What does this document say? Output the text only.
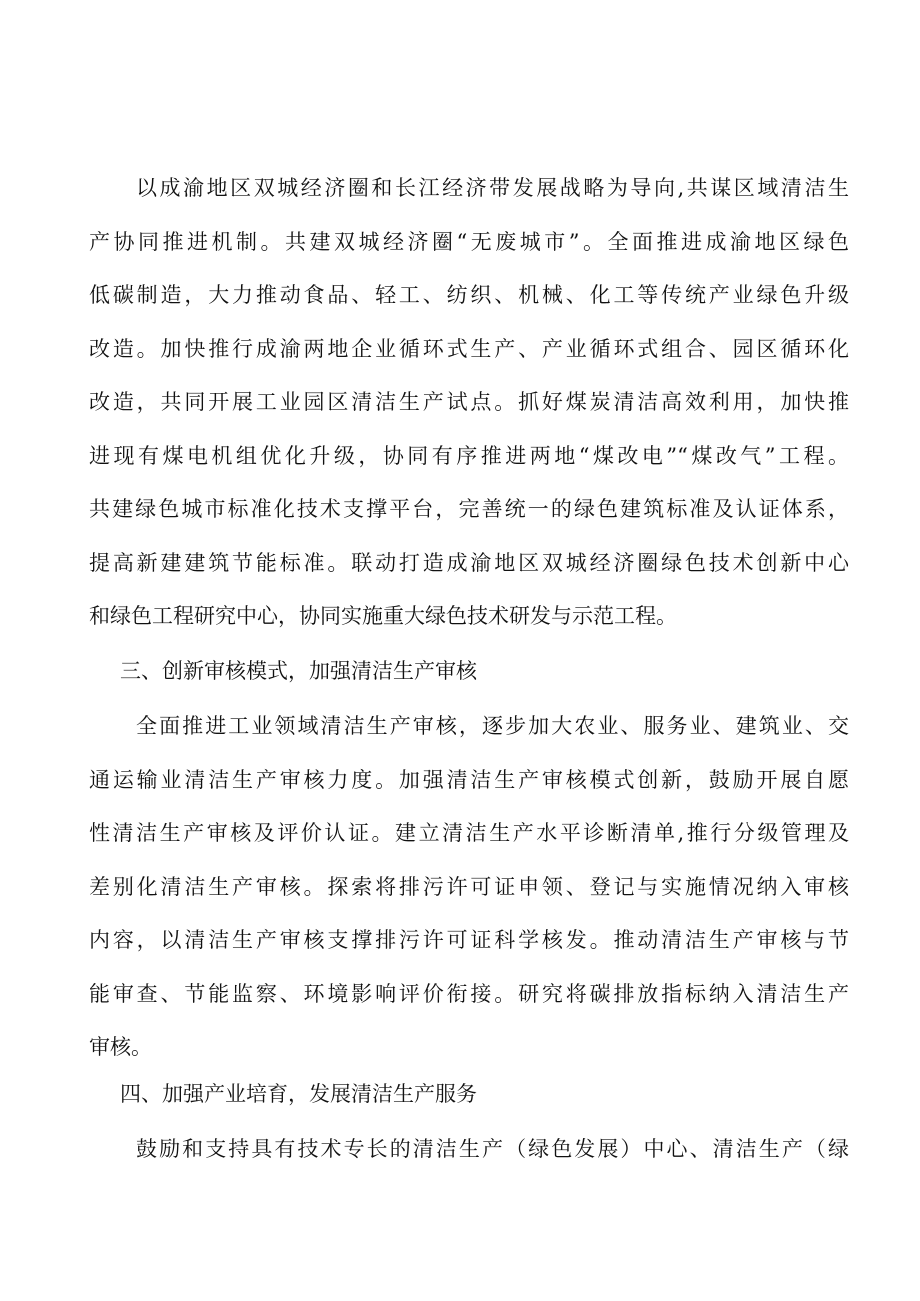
以成渝地区双城经济圈和长江经济带发展战略为导向,共谋区域清洁生
产协同推进机制。共建双城经济圈“无废城市”。全面推进成渝地区绿色
低碳制造，大力推动食品、轻工、纺织、机械、化工等传统产业绿色升级
改造。加快推行成渝两地企业循环式生产、产业循环式组合、园区循环化
改造，共同开展工业园区清洁生产试点。抓好煤炭清洁高效利用，加快推
进现有煤电机组优化升级，协同有序推进两地“煤改电”“煤改气”工程。
共建绿色城市标准化技术支撑平台，完善统一的绿色建筑标准及认证体系，
提高新建建筑节能标准。联动打造成渝地区双城经济圈绿色技术创新中心
和绿色工程研究中心，协同实施重大绿色技术研发与示范工程。
三、创新审核模式，加强清洁生产审核
全面推进工业领域清洁生产审核，逐步加大农业、服务业、建筑业、交
通运输业清洁生产审核力度。加强清洁生产审核模式创新，鼓励开展自愿
性清洁生产审核及评价认证。建立清洁生产水平诊断清单,推行分级管理及
差别化清洁生产审核。探索将排污许可证申领、登记与实施情况纳入审核
内容，以清洁生产审核支撑排污许可证科学核发。推动清洁生产审核与节
能审查、节能监察、环境影响评价衔接。研究将碳排放指标纳入清洁生产
审核。
四、加强产业培育，发展清洁生产服务
鼓励和支持具有技术专长的清洁生产（绿色发展）中心、清洁生产（绿
